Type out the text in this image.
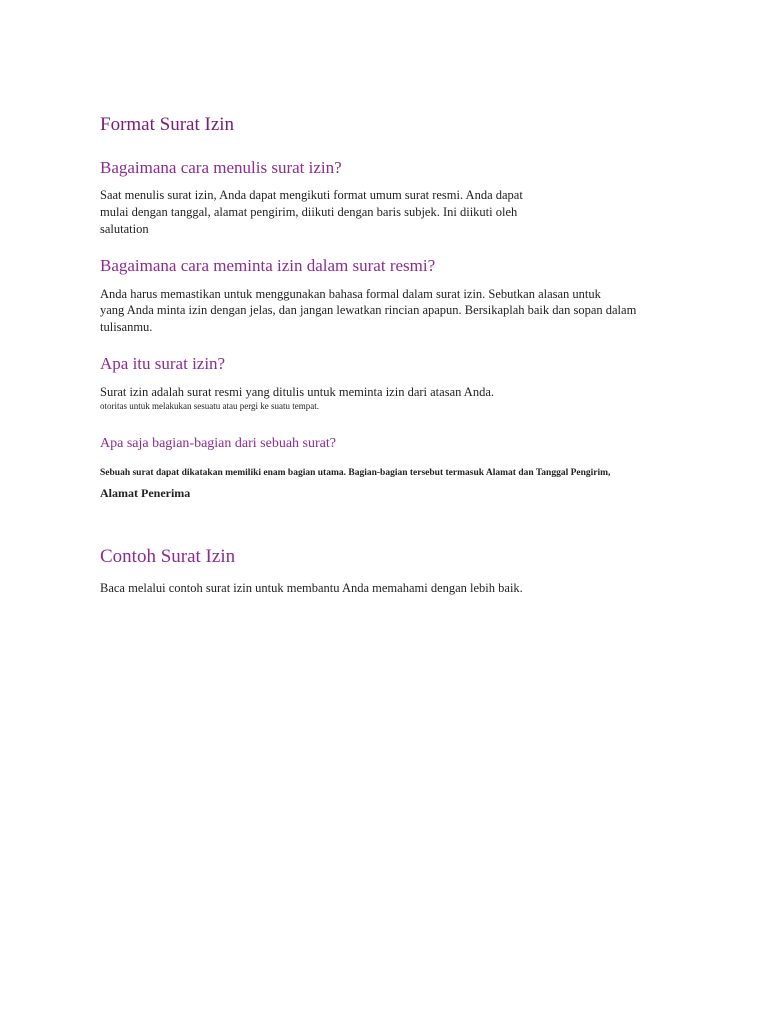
Format Surat Izin
Bagaimana cara menulis surat izin?

Saat menulis surat izin, Anda dapat mengikuti format umum surat resmi. Anda dapat

mulai dengan tanggal, alamat pengirim, diikuti dengan baris subjek. Ini diikuti oleh

salutation

Bagaimana cara meminta izin dalam surat resmi?

Anda harus memastikan untuk menggunakan bahasa formal dalam surat izin. Sebutkan alasan untuk

yang Anda minta izin dengan jelas, dan jangan lewatkan rincian apapun. Bersikaplah baik dan sopan dalam

tulisanmu.

Apa itu surat izin?

Surat izin adalah surat resmi yang ditulis untuk meminta izin dari atasan Anda.

otoritas untuk melakukan sesuatu atau pergi ke suatu tempat.

Apa saja bagian-bagian dari sebuah surat?

Sebuah surat dapat dikatakan memiliki enam bagian utama. Bagian-bagian tersebut termasuk Alamat dan Tanggal Pengirim,

Alamat Penerima

Contoh Surat Izin

Baca melalui contoh surat izin untuk membantu Anda memahami dengan lebih baik.
